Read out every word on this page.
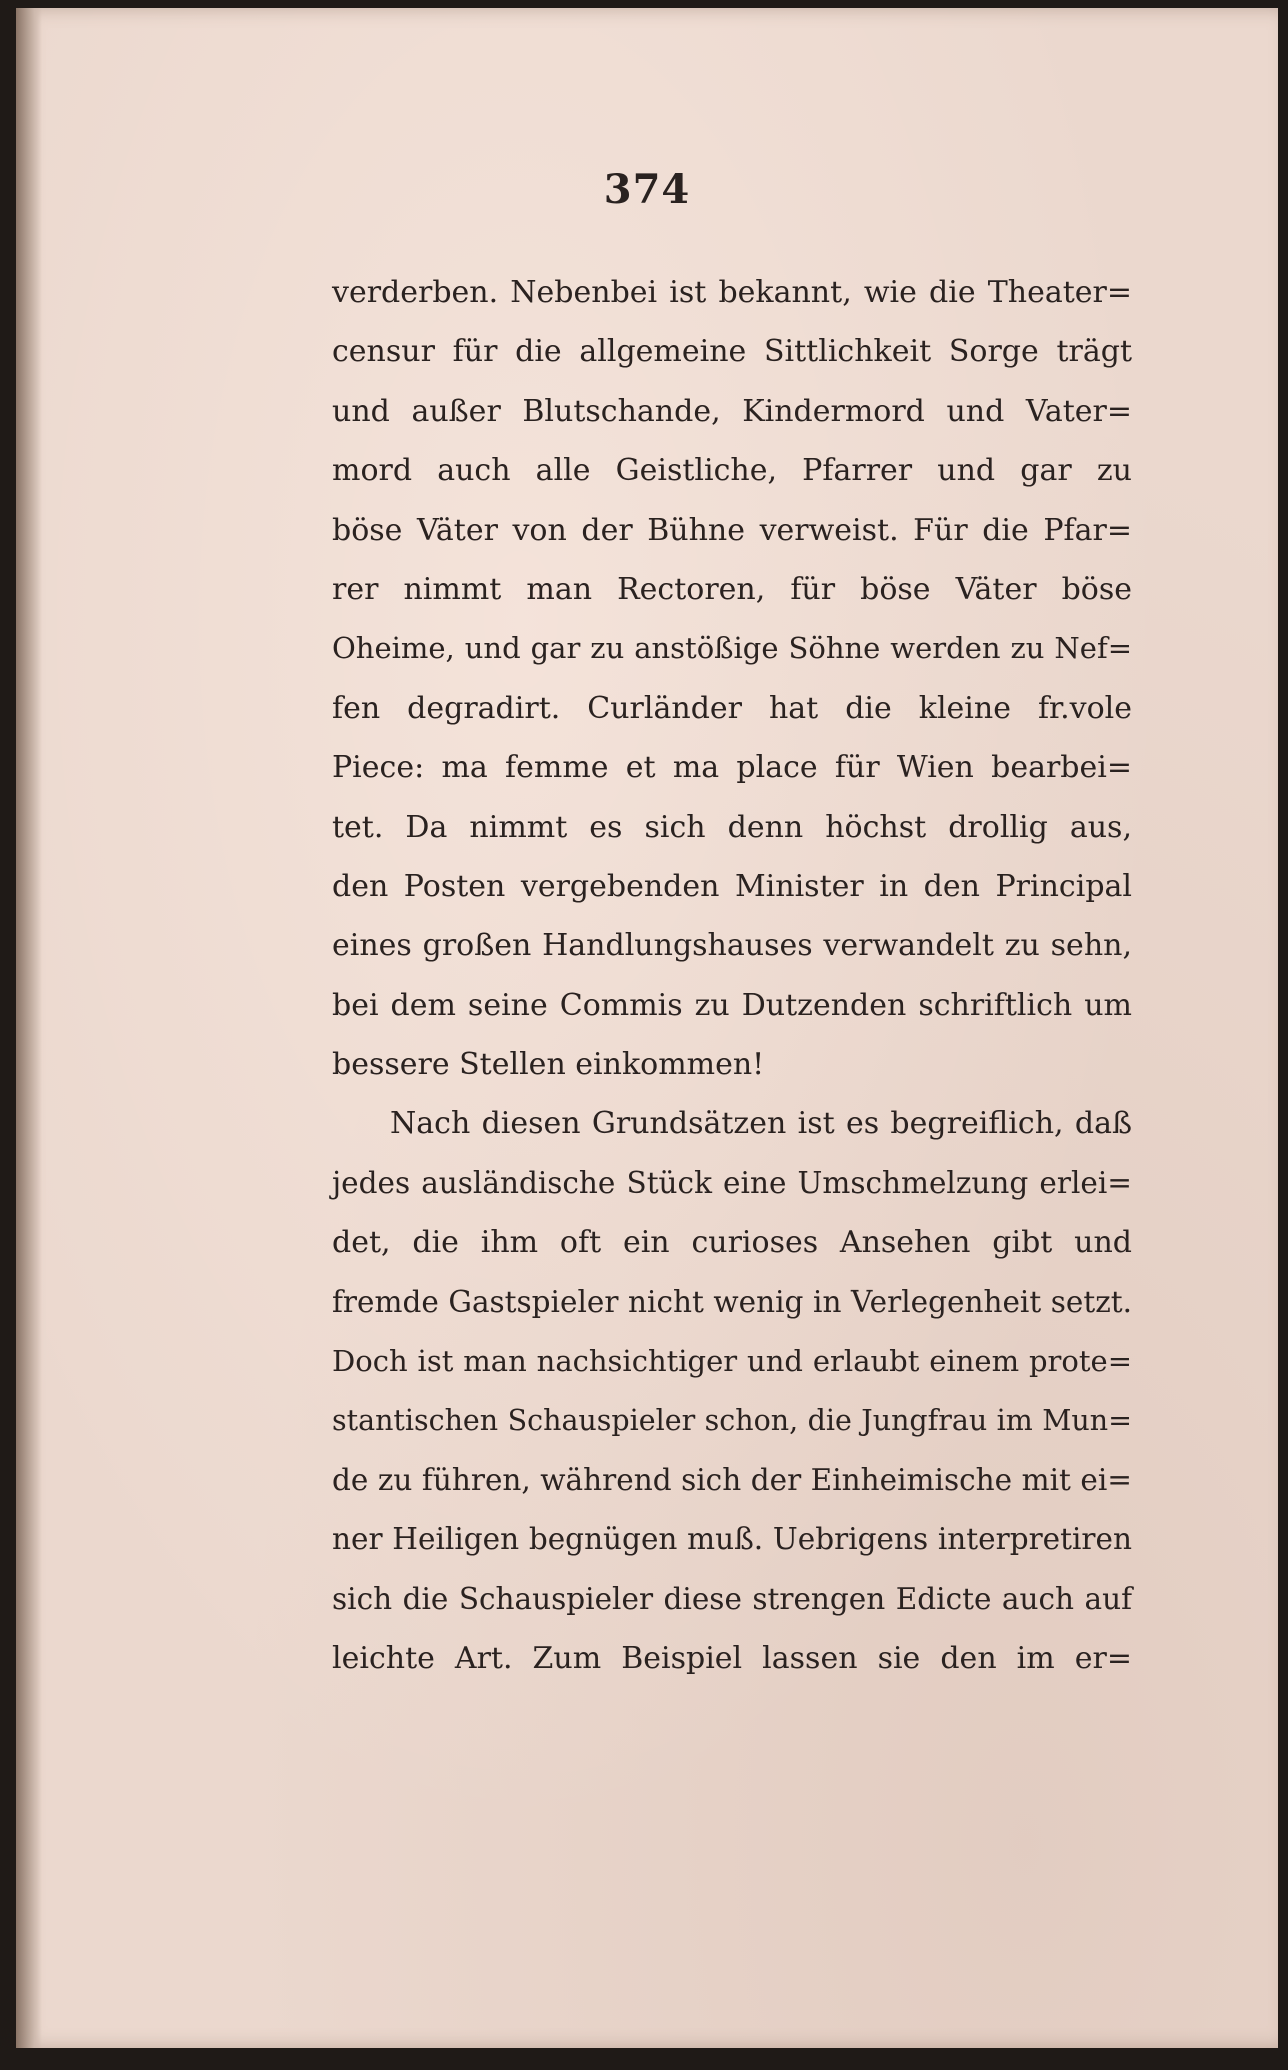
374
verderben. Nebenbei ist bekannt, wie die Theater=
censur für die allgemeine Sittlichkeit Sorge trägt
und außer Blutschande, Kindermord und Vater=
mord auch alle Geistliche, Pfarrer und gar zu
böse Väter von der Bühne verweist. Für die Pfar=
rer nimmt man Rectoren, für böse Väter böse
Oheime, und gar zu anstößige Söhne werden zu Nef=
fen degradirt. Curländer hat die kleine fr.vole
Piece: ma femme et ma place für Wien bearbei=
tet. Da nimmt es sich denn höchst drollig aus,
den Posten vergebenden Minister in den Principal
eines großen Handlungshauses verwandelt zu sehn,
bei dem seine Commis zu Dutzenden schriftlich um
bessere Stellen einkommen!
Nach diesen Grundsätzen ist es begreiflich, daß
jedes ausländische Stück eine Umschmelzung erlei=
det, die ihm oft ein curioses Ansehen gibt und
fremde Gastspieler nicht wenig in Verlegenheit setzt.
Doch ist man nachsichtiger und erlaubt einem prote=
stantischen Schauspieler schon, die Jungfrau im Mun=
de zu führen, während sich der Einheimische mit ei=
ner Heiligen begnügen muß. Uebrigens interpretiren
sich die Schauspieler diese strengen Edicte auch auf
leichte Art. Zum Beispiel lassen sie den im er=
